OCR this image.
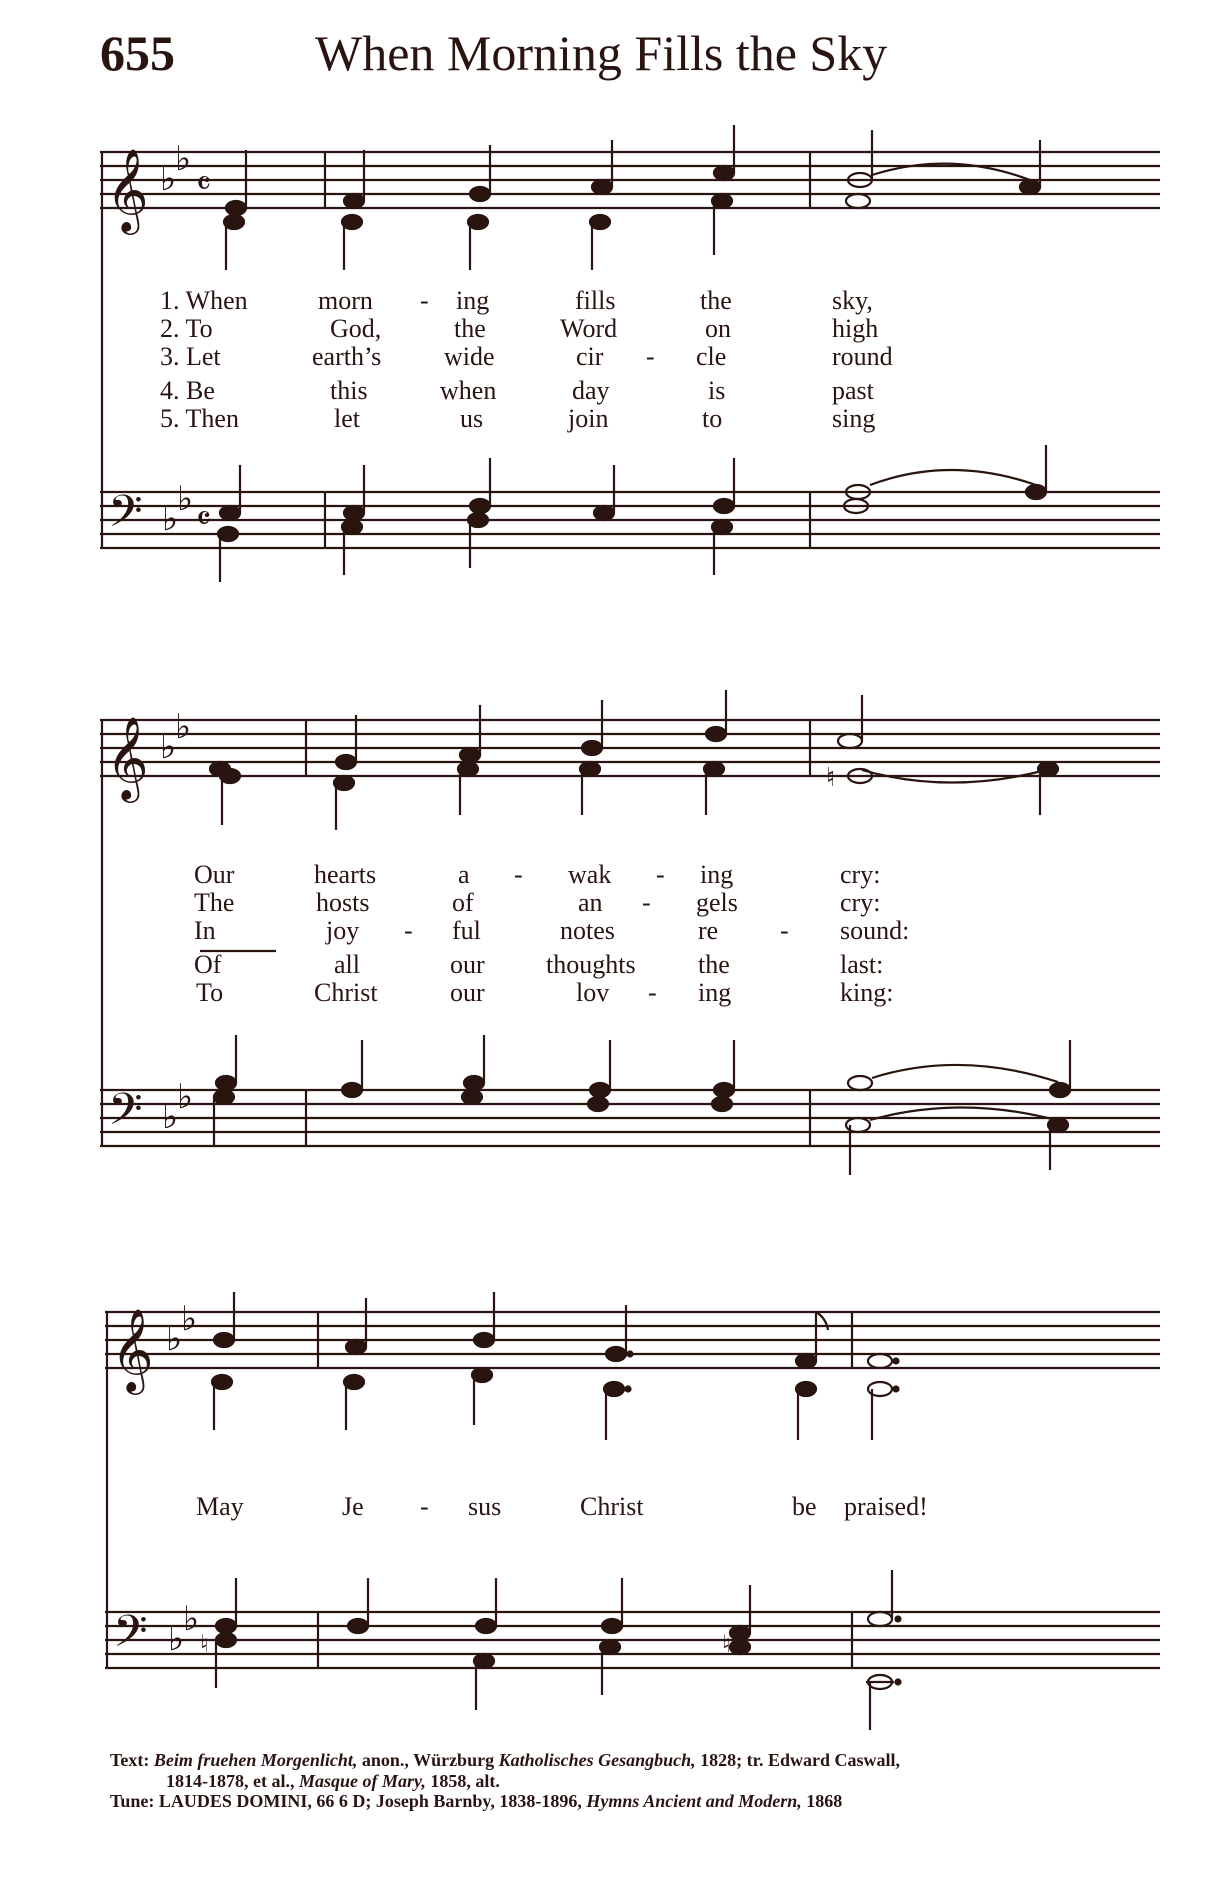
655	When Morning Fills the Sky
𝄞
𝄢
♭
♭
♭
♭
𝄴
𝄴
1. When	morn - ing	fills	the	sky,
2. To	God,	the	Word	on	high
3. Let	earth’s wide	cir - cle	round
4. Be	this	when	day	is	past
5. Then	let	us	join	to	sing
𝄞
𝄢
♭
♭
♭
♭
♮
Our	hearts	a - wak - ing	cry:
The	hosts	of	an - gels	cry:
In	joy - ful	notes	re - sound:
Of	all	our thoughts the	last:
To	Christ	our	lov - ing	king:
𝄞
𝄢
♭
♭
♭
♭
♮	♮
May	Je - sus	Christ	be praised!
Text: Beim fruehen Morgenlicht, anon., Würzburg Katholisches Gesangbuch, 1828; tr. Edward Caswall,
1814-1878, et al., Masque of Mary, 1858, alt.
Tune: LAUDES DOMINI, 66 6 D; Joseph Barnby, 1838-1896, Hymns Ancient and Modern, 1868
